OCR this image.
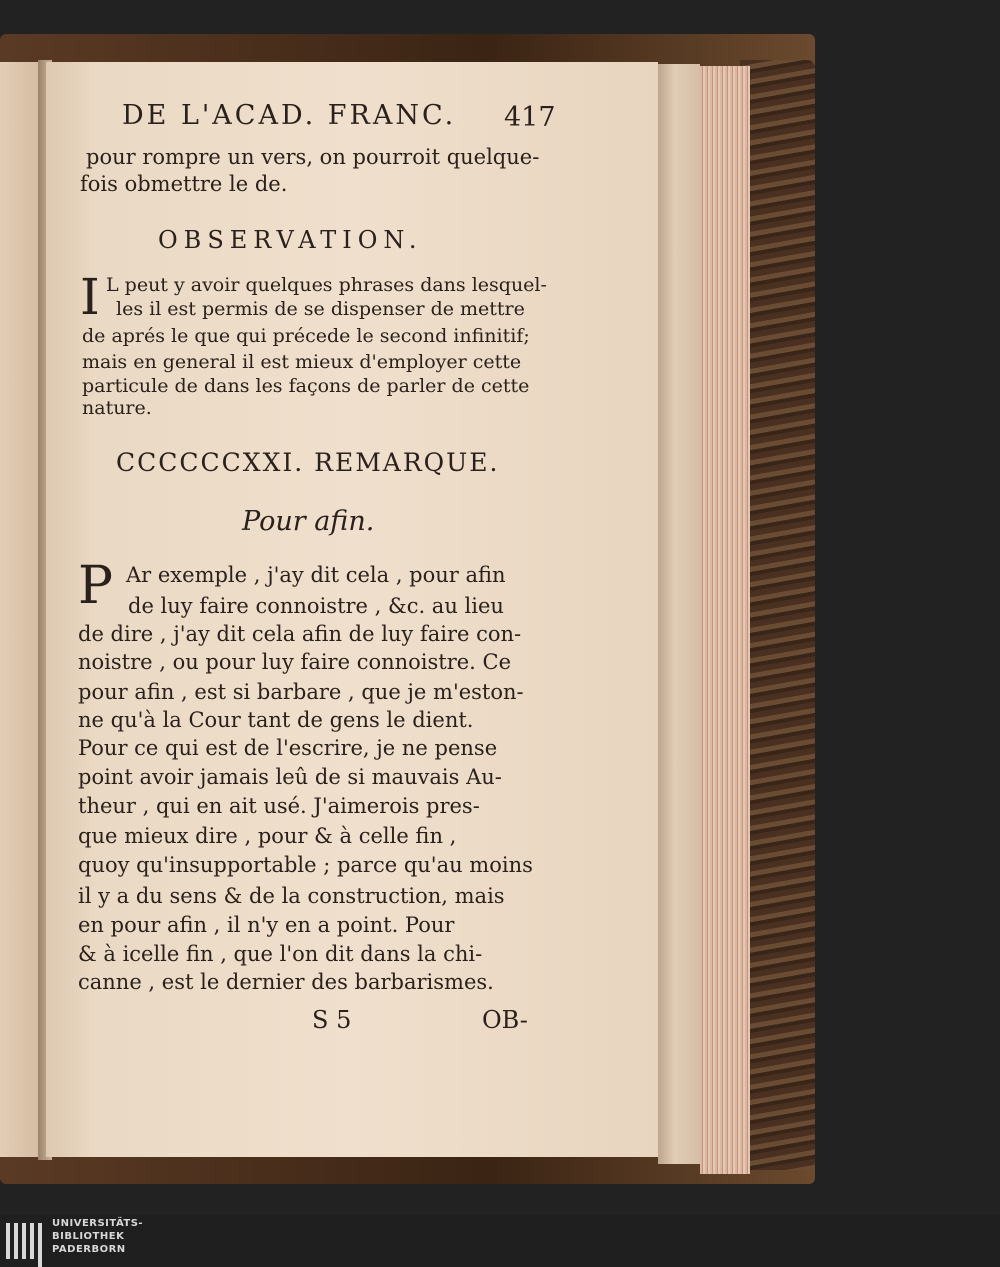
DE L'ACAD. FRANC. 417
pour rompre un vers, on pourroit quelque-
fois obmettre le de.
OBSERVATION.
I L peut y avoir quelques phrases dans lesquel-
les il est permis de se dispenser de mettre
de aprés le que qui précede le second infinitif;
mais en general il est mieux d'employer cette
particule de dans les façons de parler de cette
nature.
CCCCCCXXI. REMARQUE.
Pour afin.
P Ar exemple , j'ay dit cela , pour afin
de luy faire connoistre , &c. au lieu
de dire , j'ay dit cela afin de luy faire con-
noistre , ou pour luy faire connoistre. Ce
pour afin , est si barbare , que je m'eston-
ne qu'à la Cour tant de gens le dient.
Pour ce qui est de l'escrire, je ne pense
point avoir jamais leû de si mauvais Au-
theur , qui en ait usé. J'aimerois pres-
que mieux dire , pour & à celle fin ,
quoy qu'insupportable ; parce qu'au moins
il y a du sens & de la construction, mais
en pour afin , il n'y en a point. Pour
& à icelle fin , que l'on dit dans la chi-
canne , est le dernier des barbarismes.
S 5	OB-
UNIVERSITÄTS-
BIBLIOTHEK
PADERBORN
